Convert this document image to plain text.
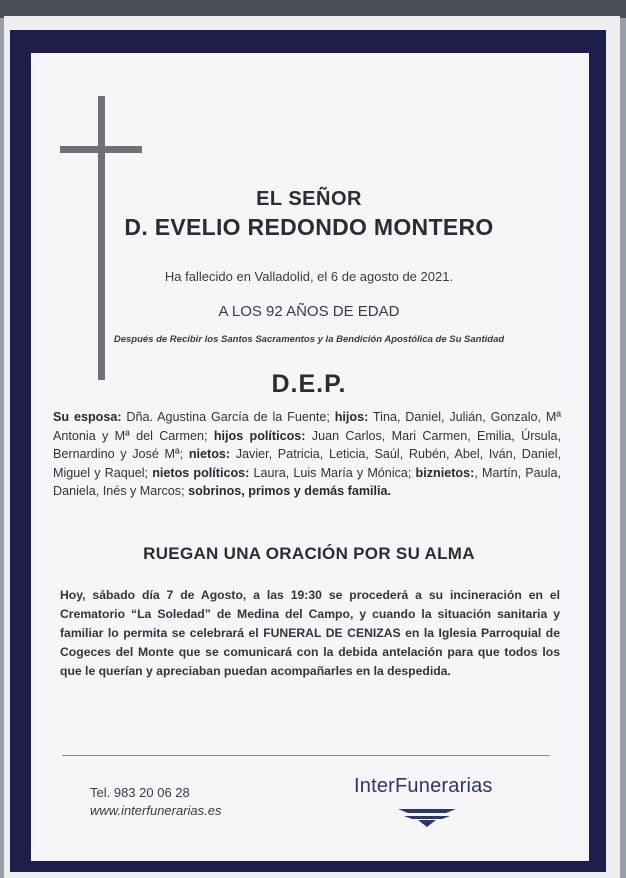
EL SEÑOR
D. EVELIO REDONDO MONTERO
Ha fallecido en Valladolid, el 6 de agosto de 2021.
A LOS 92 AÑOS DE EDAD
Después de Recibir los Santos Sacramentos y la Bendición Apostólica de Su Santidad
D.E.P.
Su esposa: Dña. Agustina García de la Fuente; hijos: Tina, Daniel, Julián, Gonzalo, Mª Antonia y Mª del Carmen; hijos políticos: Juan Carlos, Mari Carmen, Emilia, Úrsula, Bernardino y José Mª; nietos: Javier, Patricia, Leticia, Saúl, Rubén, Abel, Iván, Daniel, Miguel y Raquel; nietos políticos: Laura, Luis María y Mónica; biznietos:, Martín, Paula, Daniela, Inés y Marcos; sobrinos, primos y demás familia.
RUEGAN UNA ORACIÓN POR SU ALMA
Hoy, sábado día 7 de Agosto, a las 19:30 se procederá a su incineración en el Crematorio “La Soledad” de Medina del Campo, y cuando la situación sanitaria y familiar lo permita se celebrará el FUNERAL DE CENIZAS en la Iglesia Parroquial de Cogeces del Monte que se comunicará con la debida antelación para que todos los que le querían y apreciaban puedan acompañarles en la despedida.
Tel. 983 20 06 28
www.interfunerarias.es
InterFunerarias
